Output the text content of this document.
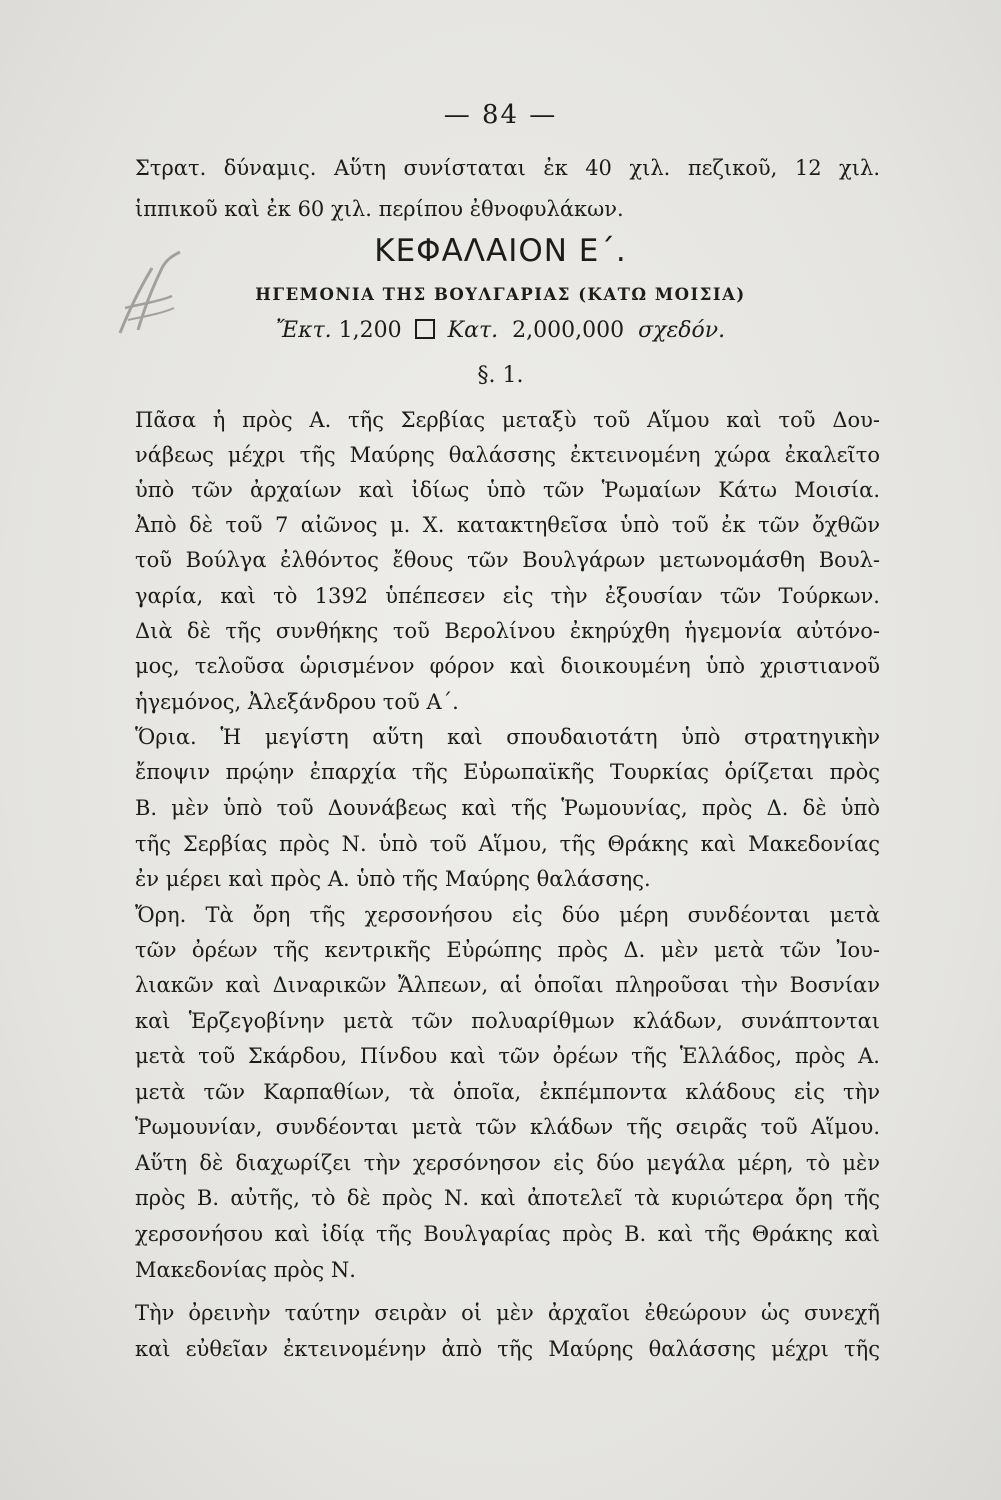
— 84 —
Στρατ. δύναμις. Αὕτη συνίσταται ἐκ 40 χιλ. πεζικοῦ, 12 χιλ.
ἱππικοῦ καὶ ἐκ 60 χιλ. περίπου ἐθνοφυλάκων.
ΚΕΦΑΛΑΙΟΝ Ε΄.
ΗΓΕΜΟΝΙΑ ΤΗΣ ΒΟΥΛΓΑΡΙΑΣ (ΚΑΤΩ ΜΟΙΣΙΑ)
Ἔκτ. 1,200 Κατ. 2,000,000 σχεδόν.
§. 1.
Πᾶσα ἡ πρὸς Α. τῆς Σερβίας μεταξὺ τοῦ Αἵμου καὶ τοῦ Δου-
νάβεως μέχρι τῆς Μαύρης θαλάσσης ἐκτεινομένη χώρα ἐκαλεῖτο
ὑπὸ τῶν ἀρχαίων καὶ ἰδίως ὑπὸ τῶν Ῥωμαίων Κάτω Μοισία.
Ἀπὸ δὲ τοῦ 7 αἰῶνος μ. Χ. κατακτηθεῖσα ὑπὸ τοῦ ἐκ τῶν ὄχθῶν
τοῦ Βούλγα ἐλθόντος ἔθους τῶν Βουλγάρων μετωνομάσθη Βουλ-
γαρία, καὶ τὸ 1392 ὑπέπεσεν εἰς τὴν ἐξουσίαν τῶν Τούρκων.
Διὰ δὲ τῆς συνθήκης τοῦ Βερολίνου ἐκηρύχθη ἡγεμονία αὐτόνο-
μος, τελοῦσα ὡρισμένον φόρον καὶ διοικουμένη ὑπὸ χριστιανοῦ
ἡγεμόνος, Ἀλεξάνδρου τοῦ Α΄.
Ὅρια. Ἡ μεγίστη αὕτη καὶ σπουδαιοτάτη ὑπὸ στρατηγικὴν
ἔποψιν πρῴην ἐπαρχία τῆς Εὐρωπαϊκῆς Τουρκίας ὁρίζεται πρὸς
Β. μὲν ὑπὸ τοῦ Δουνάβεως καὶ τῆς Ῥωμουνίας, πρὸς Δ. δὲ ὑπὸ
τῆς Σερβίας πρὸς Ν. ὑπὸ τοῦ Αἵμου, τῆς Θράκης καὶ Μακεδονίας
ἐν μέρει καὶ πρὸς Α. ὑπὸ τῆς Μαύρης θαλάσσης.
Ὄρη. Τὰ ὄρη τῆς χερσονήσου εἰς δύο μέρη συνδέονται μετὰ
τῶν ὀρέων τῆς κεντρικῆς Εὐρώπης πρὸς Δ. μὲν μετὰ τῶν Ἰου-
λιακῶν καὶ Διναρικῶν Ἄλπεων, αἱ ὁποῖαι πληροῦσαι τὴν Βοσνίαν
καὶ Ἑρζεγοβίνην μετὰ τῶν πολυαρίθμων κλάδων, συνάπτονται
μετὰ τοῦ Σκάρδου, Πίνδου καὶ τῶν ὀρέων τῆς Ἑλλάδος, πρὸς Α.
μετὰ τῶν Καρπαθίων, τὰ ὁποῖα, ἐκπέμποντα κλάδους εἰς τὴν
Ῥωμουνίαν, συνδέονται μετὰ τῶν κλάδων τῆς σειρᾶς τοῦ Αἵμου.
Αὕτη δὲ διαχωρίζει τὴν χερσόνησον εἰς δύο μεγάλα μέρη, τὸ μὲν
πρὸς Β. αὐτῆς, τὸ δὲ πρὸς Ν. καὶ ἀποτελεῖ τὰ κυριώτερα ὄρη τῆς
χερσονήσου καὶ ἰδίᾳ τῆς Βουλγαρίας πρὸς Β. καὶ τῆς Θράκης καὶ
Μακεδονίας πρὸς Ν.
Τὴν ὀρεινὴν ταύτην σειρὰν οἱ μὲν ἀρχαῖοι ἐθεώρουν ὡς συνεχῆ
καὶ εὐθεῖαν ἐκτεινομένην ἀπὸ τῆς Μαύρης θαλάσσης μέχρι τῆς
